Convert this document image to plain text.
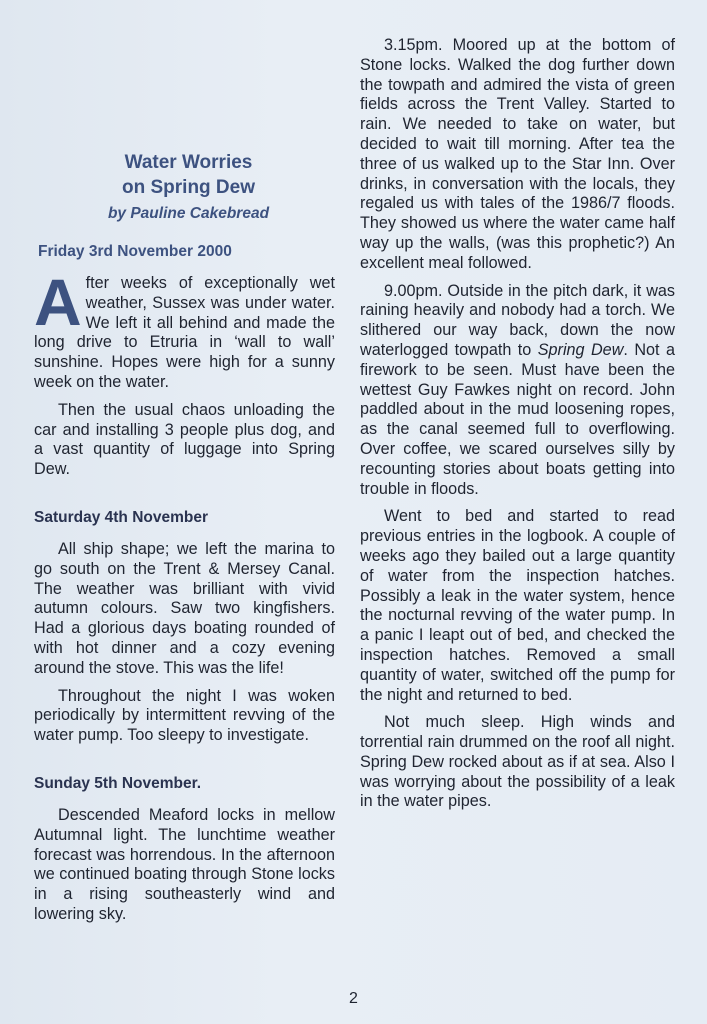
Water Worries
on Spring Dew
by Pauline Cakebread
Friday 3rd November 2000

After weeks of exceptionally wet weather, Sussex was under water. We left it all behind and made the long drive to Etruria in ‘wall to wall’ sunshine. Hopes were high for a sunny week on the water.

Then the usual chaos unloading the car and installing 3 people plus dog, and a vast quantity of luggage into Spring Dew.

Saturday 4th November

All ship shape; we left the marina to go south on the Trent & Mersey Canal. The weather was brilliant with vivid autumn colours. Saw two kingfishers. Had a glorious days boating rounded of with hot dinner and a cozy evening around the stove. This was the life!

Throughout the night I was woken periodically by intermittent revving of the water pump. Too sleepy to investigate.

Sunday 5th November.

Descended Meaford locks in mellow Autumnal light. The lunchtime weather forecast was horrendous. In the afternoon we continued boating through Stone locks in a rising southeasterly wind and lowering sky.

3.15pm. Moored up at the bottom of Stone locks. Walked the dog further down the towpath and admired the vista of green fields across the Trent Valley. Started to rain. We needed to take on water, but decided to wait till morning. After tea the three of us walked up to the Star Inn. Over drinks, in conversation with the locals, they regaled us with tales of the 1986/7 floods. They showed us where the water came half way up the walls, (was this prophetic?) An excellent meal followed.

9.00pm. Outside in the pitch dark, it was raining heavily and nobody had a torch. We slithered our way back, down the now waterlogged towpath to Spring Dew. Not a firework to be seen. Must have been the wettest Guy Fawkes night on record. John paddled about in the mud loosening ropes, as the canal seemed full to overflowing. Over coffee, we scared ourselves silly by recounting stories about boats getting into trouble in floods.

Went to bed and started to read previous entries in the logbook. A couple of weeks ago they bailed out a large quantity of water from the inspection hatches. Possibly a leak in the water system, hence the nocturnal revving of the water pump. In a panic I leapt out of bed, and checked the inspection hatches. Removed a small quantity of water, switched off the pump for the night and returned to bed.

Not much sleep. High winds and torrential rain drummed on the roof all night. Spring Dew rocked about as if at sea. Also I was worrying about the possibility of a leak in the water pipes.

2
